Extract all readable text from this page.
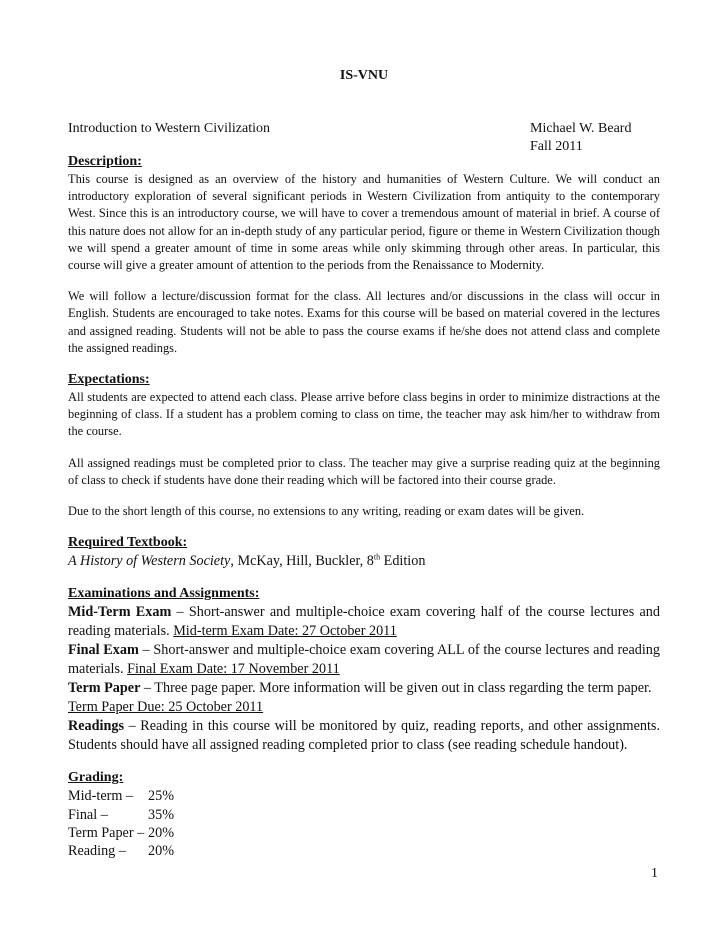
IS-VNU
Introduction to Western Civilization	Michael W. Beard
Fall 2011
Description:

This course is designed as an overview of the history and humanities of Western Culture. We will conduct an introductory exploration of several significant periods in Western Civilization from antiquity to the contemporary West. Since this is an introductory course, we will have to cover a tremendous amount of material in brief. A course of this nature does not allow for an in-depth study of any particular period, figure or theme in Western Civilization though we will spend a greater amount of time in some areas while only skimming through other areas. In particular, this course will give a greater amount of attention to the periods from the Renaissance to Modernity.

We will follow a lecture/discussion format for the class. All lectures and/or discussions in the class will occur in English. Students are encouraged to take notes. Exams for this course will be based on material covered in the lectures and assigned reading. Students will not be able to pass the course exams if he/she does not attend class and complete the assigned readings.

Expectations:

All students are expected to attend each class. Please arrive before class begins in order to minimize distractions at the beginning of class. If a student has a problem coming to class on time, the teacher may ask him/her to withdraw from the course.

All assigned readings must be completed prior to class. The teacher may give a surprise reading quiz at the beginning of class to check if students have done their reading which will be factored into their course grade.

Due to the short length of this course, no extensions to any writing, reading or exam dates will be given.

Required Textbook:

A History of Western Society, McKay, Hill, Buckler, 8th Edition

Examinations and Assignments:

Mid-Term Exam – Short-answer and multiple-choice exam covering half of the course lectures and reading materials. Mid-term Exam Date: 27 October 2011

Final Exam – Short-answer and multiple-choice exam covering ALL of the course lectures and reading materials. Final Exam Date: 17 November 2011

Term Paper – Three page paper. More information will be given out in class regarding the term paper.
Term Paper Due: 25 October 2011

Readings – Reading in this course will be monitored by quiz, reading reports, and other assignments. Students should have all assigned reading completed prior to class (see reading schedule handout).

Grading:
Mid-term –	25%
Final –	35%
Term Paper – 20%
Reading –	20%
1
